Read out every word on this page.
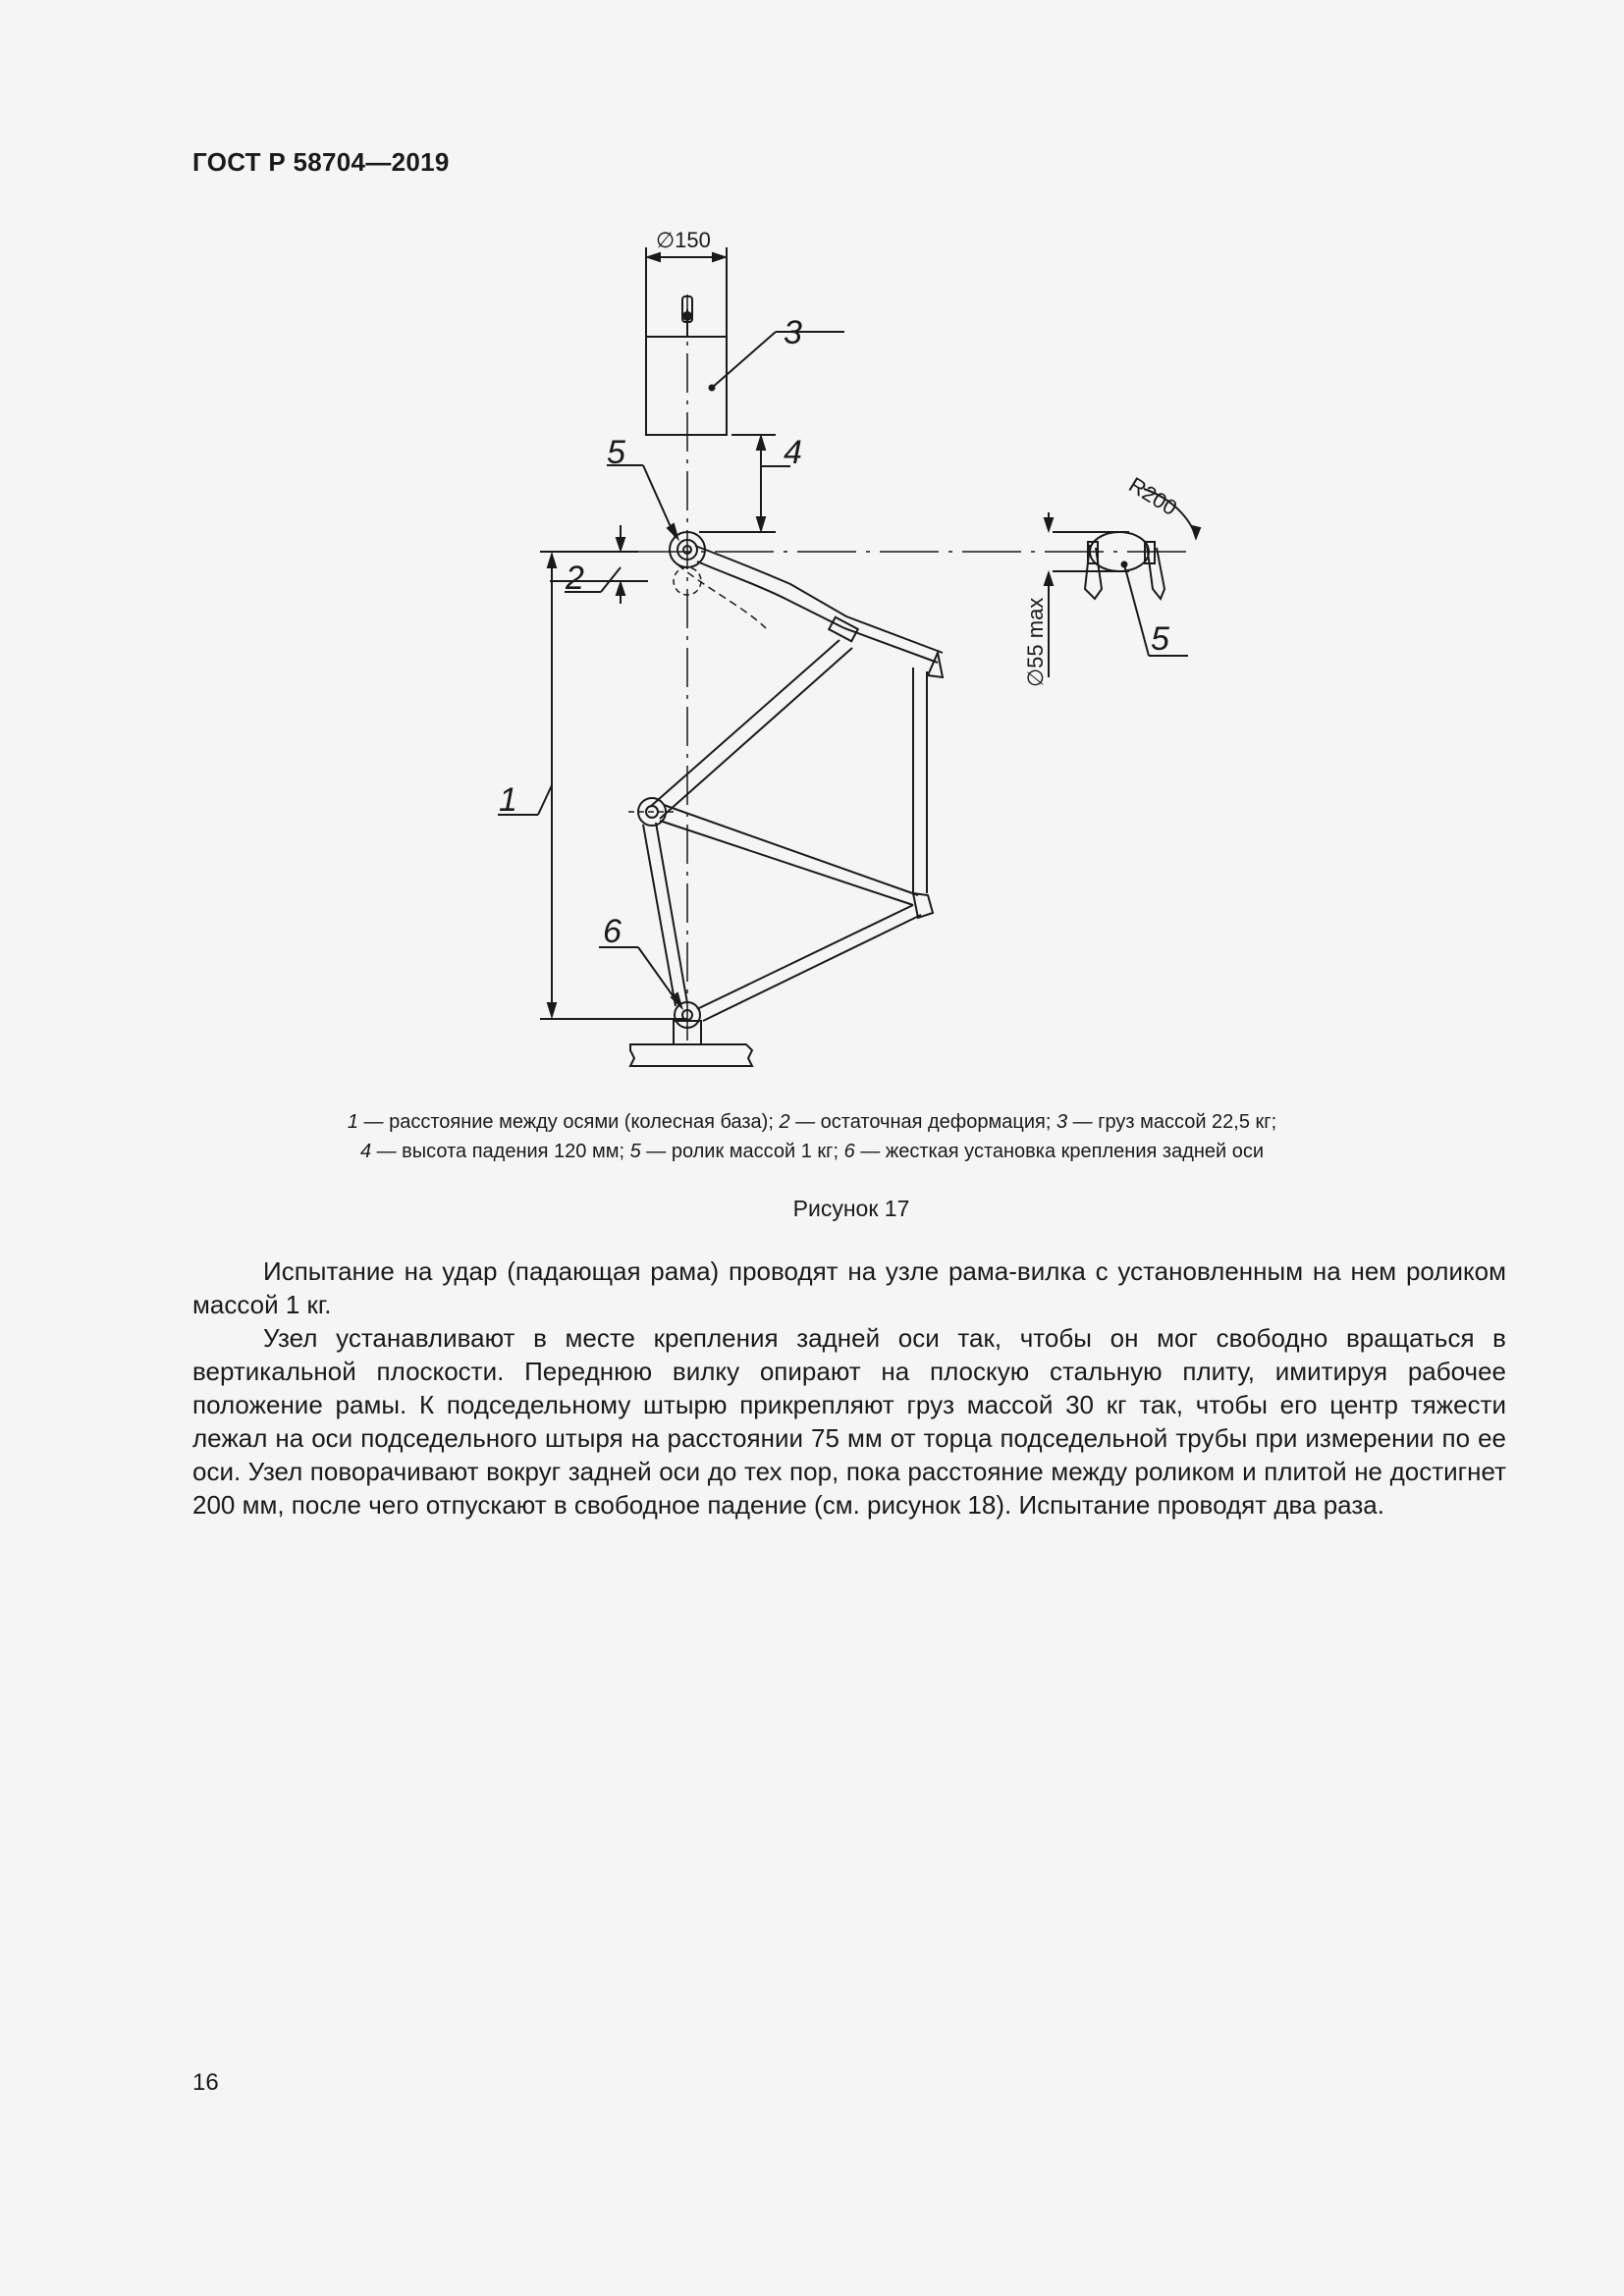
ГОСТ Р 58704—2019
∅150
R200
∅55 max
3
4
5
2
1
6
5
1 — расстояние между осями (колесная база); 2 — остаточная деформация; 3 — груз массой 22,5 кг;
4 — высота падения 120 мм; 5 — ролик массой 1 кг; 6 — жесткая установка крепления задней оси
Рисунок 17

Испытание на удар (падающая рама) проводят на узле рама-вилка с установленным на нем роликом массой 1 кг.

Узел устанавливают в месте крепления задней оси так, чтобы он мог свободно вращаться в вертикальной плоскости. Переднюю вилку опирают на плоскую стальную плиту, имитируя рабочее положение рамы. К подседельному штырю прикрепляют груз массой 30 кг так, чтобы его центр тяжести лежал на оси подседельного штыря на расстоянии 75 мм от торца подседельной трубы при измерении по ее оси. Узел поворачивают вокруг задней оси до тех пор, пока расстояние между роликом и плитой не достигнет 200 мм, после чего отпускают в свободное падение (см. рисунок 18). Испытание проводят два раза.

16
